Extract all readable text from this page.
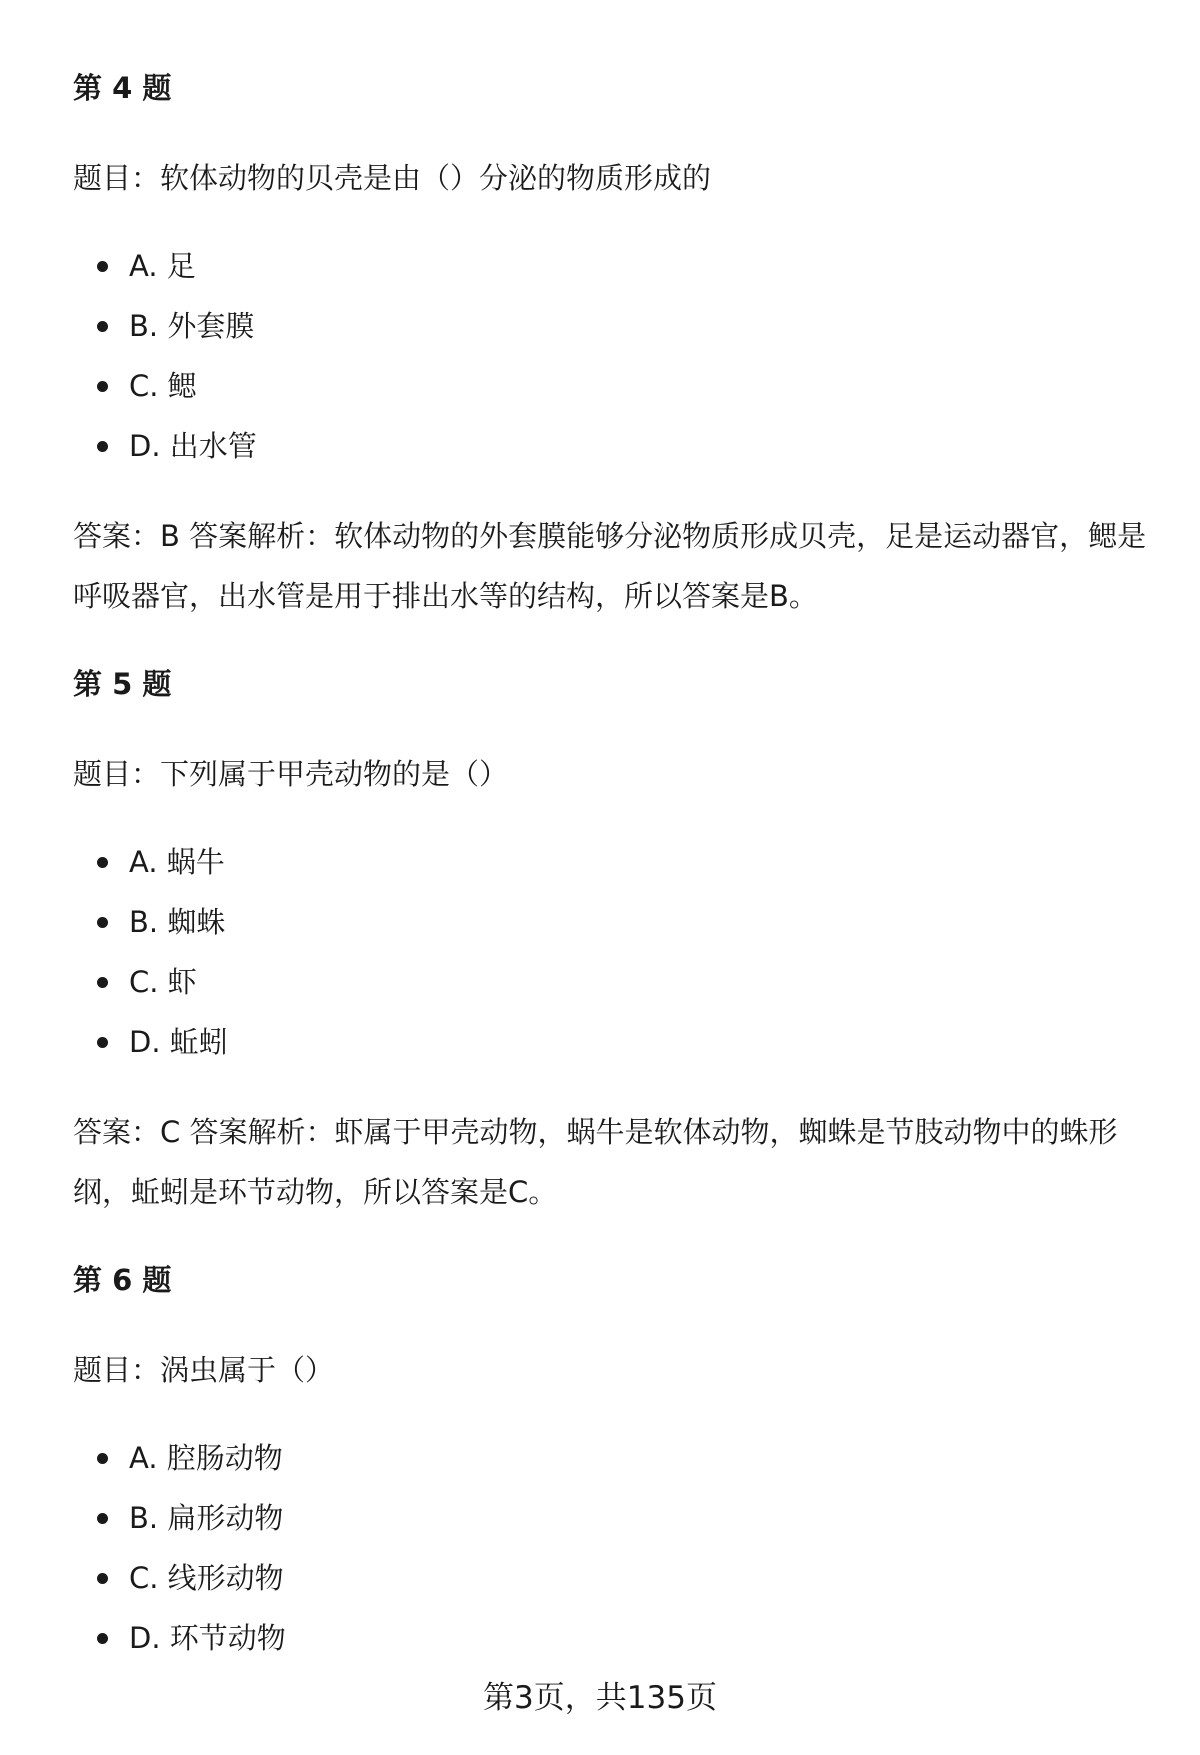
第 4 题

题目：软体动物的贝壳是由（）分泌的物质形成的

A. 足
B. 外套膜
C. 鳃
D. 出水管

答案：B 答案解析：软体动物的外套膜能够分泌物质形成贝壳，足是运动器官，鳃是呼吸器官，出水管是用于排出水等的结构，所以答案是B。

第 5 题

题目：下列属于甲壳动物的是（）

A. 蜗牛
B. 蜘蛛
C. 虾
D. 蚯蚓

答案：C 答案解析：虾属于甲壳动物，蜗牛是软体动物，蜘蛛是节肢动物中的蛛形纲，蚯蚓是环节动物，所以答案是C。

第 6 题

题目：涡虫属于（）

A. 腔肠动物
B. 扁形动物
C. 线形动物
D. 环节动物

第3页，共135页
